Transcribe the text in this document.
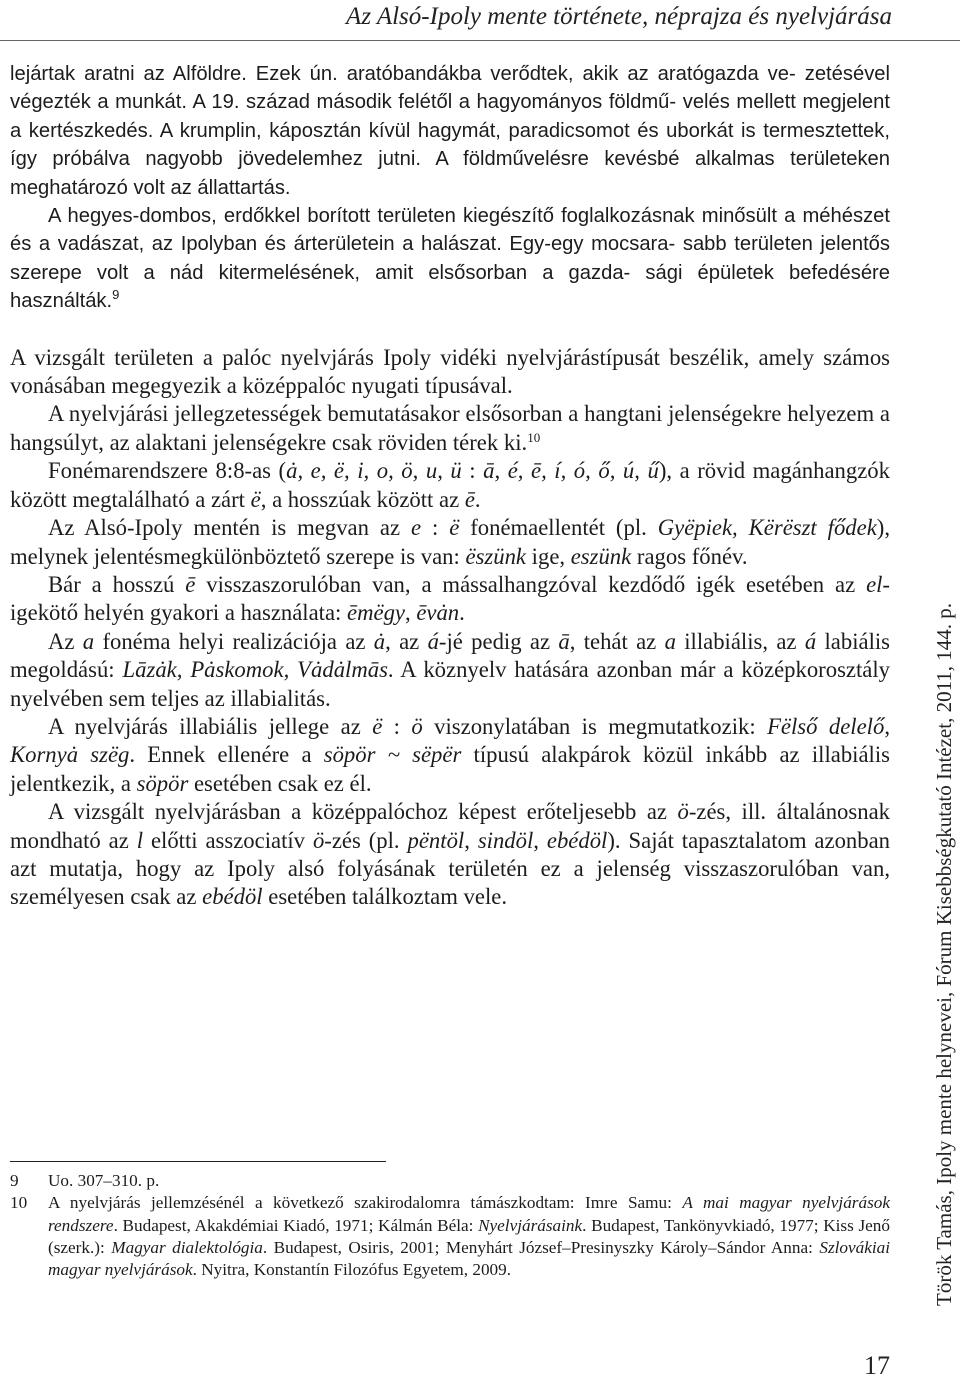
Az Alsó-Ipoly mente története, néprajza és nyelvjárása

lejártak aratni az Alföldre. Ezek ún. aratóbandákba verődtek, akik az aratógazda ve- zetésével végezték a munkát. A 19. század második felétől a hagyományos földmű- velés mellett megjelent a kertészkedés. A krumplin, káposztán kívül hagymát, paradicsomot és uborkát is termesztettek, így próbálva nagyobb jövedelemhez jutni. A földművelésre kevésbé alkalmas területeken meghatározó volt az állattartás.

A hegyes-dombos, erdőkkel borított területen kiegészítő foglalkozásnak minősült a méhészet és a vadászat, az Ipolyban és árterületein a halászat. Egy-egy mocsara- sabb területen jelentős szerepe volt a nád kitermelésének, amit elsősorban a gazda- sági épületek befedésére használták.$^9$

A vizsgált területen a palóc nyelvjárás Ipoly vidéki nyelvjárástípusát beszélik, amely számos vonásában megegyezik a középpalóc nyugati típusával.

A nyelvjárási jellegzetességek bemutatásakor elsősorban a hangtani jelenségekre helyezem a hangsúlyt, az alaktani jelenségekre csak röviden térek ki.$^{10}$

Fonémarendszere 8:8-as (ȧ, e, ë, i, o, ö, u, ü : ā, é, ē, í, ó, ő, ú, ű), a rövid magánhangzók között megtalálható a zárt ë, a hosszúak között az ē.

Az Alsó-Ipoly mentén is megvan az e : ë fonémaellentét (pl. Gyëpiek, Kërëszt fődek), melynek jelentésmegkülönböztető szerepe is van: ëszünk ige, eszünk ragos főnév.

Bár a hosszú ē visszaszorulóban van, a mássalhangzóval kezdődő igék esetében az el- igekötő helyén gyakori a használata: ēmëgy, ēvȧn.

Az a fonéma helyi realizációja az ȧ, az á-jé pedig az ā, tehát az a illabiális, az á labiális megoldású: Lāzȧk, Pȧskomok, Vȧdȧlmās. A köznyelv hatására azonban már a középkorosztály nyelvében sem teljes az illabialitás.

A nyelvjárás illabiális jellege az ë : ö viszonylatában is megmutatkozik: Fëlső delelő, Kornyȧ szëg. Ennek ellenére a söpör ~ sëpër típusú alakpárok közül inkább az illabiális jelentkezik, a söpör esetében csak ez él.

A vizsgált nyelvjárásban a középpalóchoz képest erőteljesebb az ö-zés, ill. általánosnak mondható az l előtti asszociatív ö-zés (pl. pëntöl, sindöl, ebédöl). Saját tapasztalatom azonban azt mutatja, hogy az Ipoly alsó folyásának területén ez a jelenség visszaszorulóban van, személyesen csak az ebédöl esetében találkoztam vele.

9 Uo. 307–310. p.

10 A nyelvjárás jellemzésénél a következő szakirodalomra támászkodtam: Imre Samu: A mai magyar nyelvjárások rendszere. Budapest, Akakdémiai Kiadó, 1971; Kálmán Béla: Nyelvjárásaink. Budapest, Tankönyvkiadó, 1977; Kiss Jenő (szerk.): Magyar dialektológia. Budapest, Osiris, 2001; Menyhárt József–Presinyszky Károly–Sándor Anna: Szlovákiai magyar nyelvjárások. Nyitra, Konstantín Filozófus Egyetem, 2009.	Török Tamás, Ipoly mente helynevei, Fórum Kisebbségkutató Intézet, 2011, 144. p.
17
